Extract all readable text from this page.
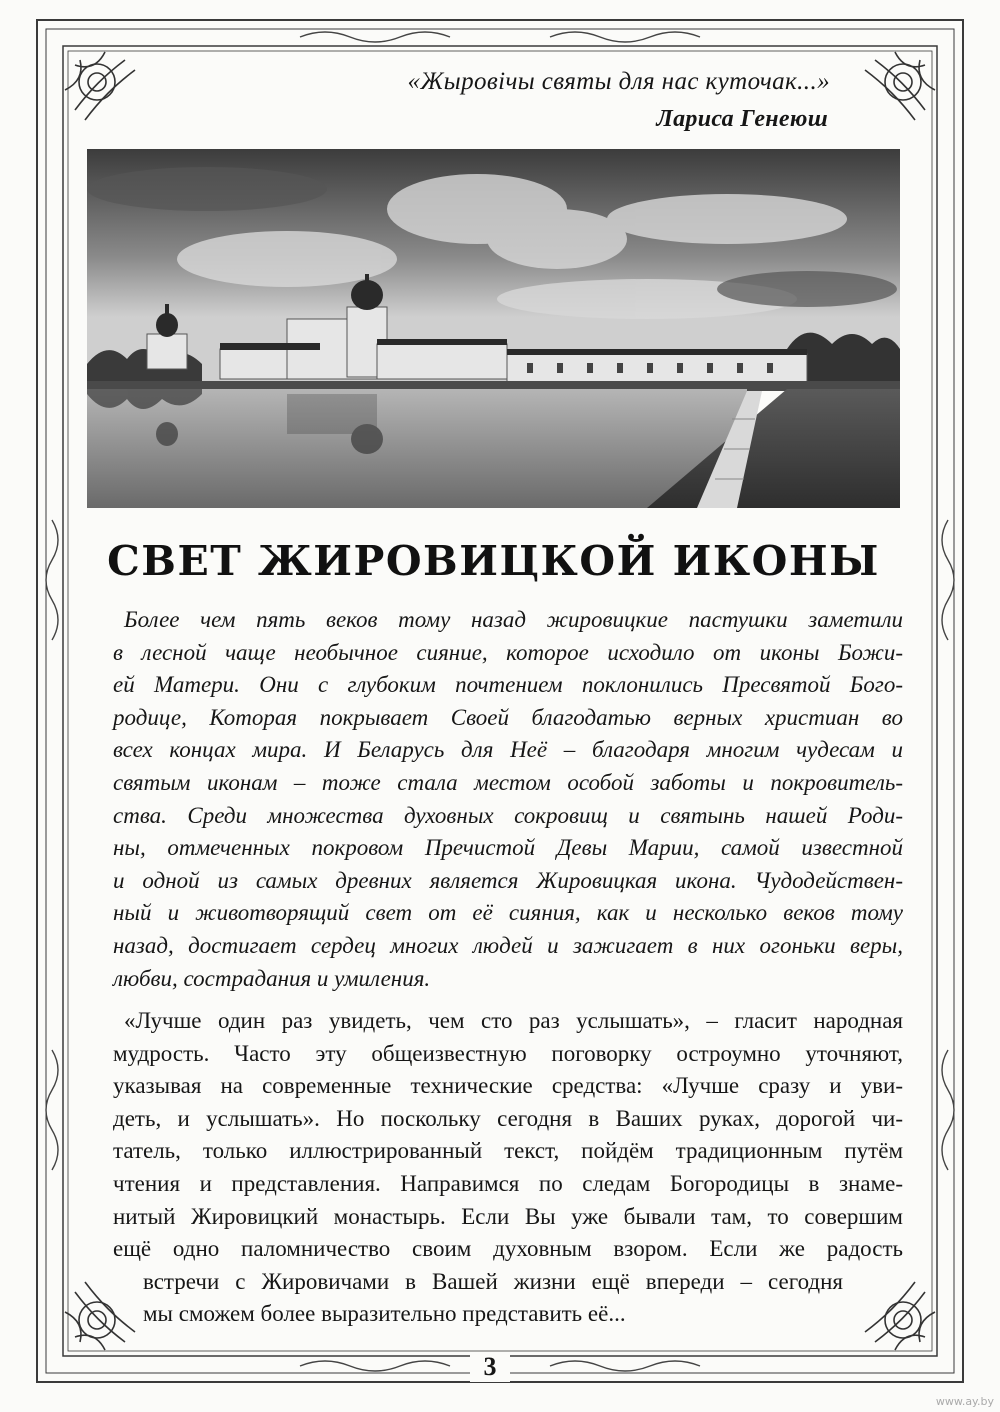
«Жыровічы святы для нас куточак...»
Лариса Генеюш
СВЕТ ЖИРОВИЦКОЙ ИКОНЫ
Более чем пять веков тому назад жировицкие пастушки заметили
в лесной чаще необычное сияние, которое исходило от иконы Божи-
ей Матери. Они с глубоким почтением поклонились Пресвятой Бого-
родице, Которая покрывает Своей благодатью верных христиан во
всех концах мира. И Беларусь для Неё – благодаря многим чудесам и
святым иконам – тоже стала местом особой заботы и покровитель-
ства. Среди множества духовных сокровищ и святынь нашей Роди-
ны, отмеченных покровом Пречистой Девы Марии, самой известной
и одной из самых древних является Жировицкая икона. Чудодействен-
ный и животворящий свет от её сияния, как и несколько веков тому
назад, достигает сердец многих людей и зажигает в них огоньки веры,
любви, сострадания и умиления.
«Лучше один раз увидеть, чем сто раз услышать», – гласит народная
мудрость. Часто эту общеизвестную поговорку остроумно уточняют,
указывая на современные технические средства: «Лучше сразу и уви-
деть, и услышать». Но поскольку сегодня в Ваших руках, дорогой чи-
татель, только иллюстрированный текст, пойдём традиционным путём
чтения и представления. Направимся по следам Богородицы в знаме-
нитый Жировицкий монастырь. Если Вы уже бывали там, то совершим
ещё одно паломничество своим духовным взором. Если же радость
встречи с Жировичами в Вашей жизни ещё впереди – сегодня
мы сможем более выразительно представить её...
3
www.ay.by
